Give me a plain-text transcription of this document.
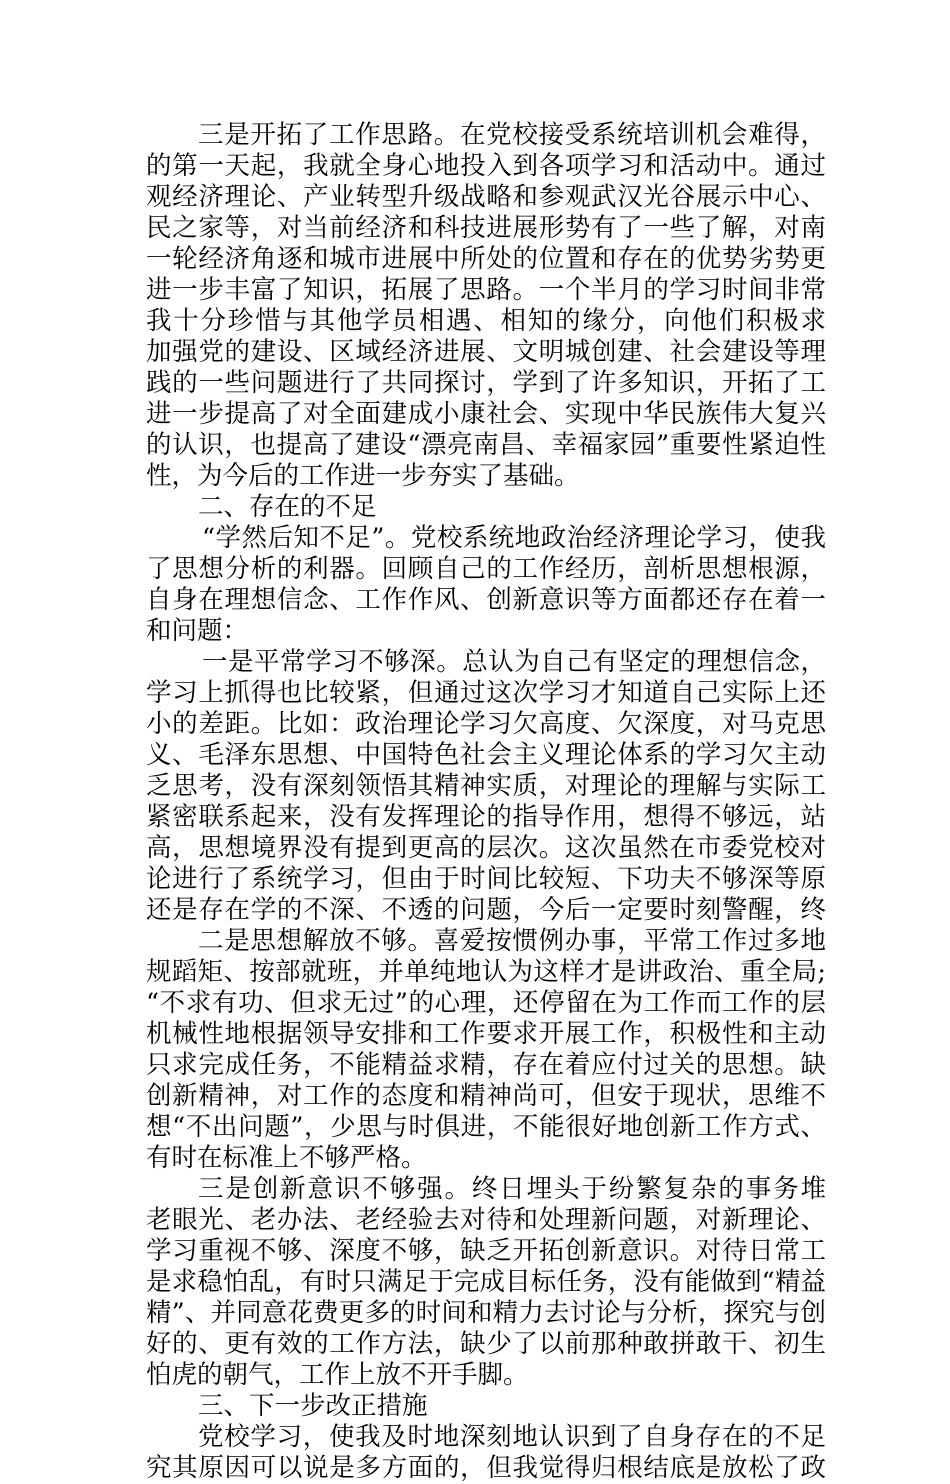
三是开拓了工作思路。在党校接受系统培训机会难得，
的第一天起，我就全身心地投入到各项学习和活动中。通过
观经济理论、产业转型升级战略和参观武汉光谷展示中心、
民之家等，对当前经济和科技进展形势有了一些了解，对南
一轮经济角逐和城市进展中所处的位置和存在的优势劣势更
进一步丰富了知识，拓展了思路。一个半月的学习时间非常
我十分珍惜与其他学员相遇、相知的缘分，向他们积极求
加强党的建设、区域经济进展、文明城创建、社会建设等理
践的一些问题进行了共同探讨，学到了许多知识，开拓了工
进一步提高了对全面建成小康社会、实现中华民族伟大复兴
的认识，也提高了建设“漂亮南昌、幸福家园”重要性紧迫性
性，为今后的工作进一步夯实了基础。
二、存在的不足
“学然后知不足”。党校系统地政治经济理论学习，使我
了思想分析的利器。回顾自己的工作经历，剖析思想根源，
自身在理想信念、工作作风、创新意识等方面都还存在着一
和问题：
一是平常学习不够深。总认为自己有坚定的理想信念，
学习上抓得也比较紧，但通过这次学习才知道自己实际上还
小的差距。比如：政治理论学习欠高度、欠深度，对马克思
义、毛泽东思想、中国特色社会主义理论体系的学习欠主动
乏思考，没有深刻领悟其精神实质，对理论的理解与实际工
紧密联系起来，没有发挥理论的指导作用，想得不够远，站
高，思想境界没有提到更高的层次。这次虽然在市委党校对
论进行了系统学习，但由于时间比较短、下功夫不够深等原
还是存在学的不深、不透的问题，今后一定要时刻警醒，终
二是思想解放不够。喜爱按惯例办事，平常工作过多地
规蹈矩、按部就班，并单纯地认为这样才是讲政治、重全局;
“不求有功、但求无过”的心理，还停留在为工作而工作的层
机械性地根据领导安排和工作要求开展工作，积极性和主动
只求完成任务，不能精益求精，存在着应付过关的思想。缺
创新精神，对工作的态度和精神尚可，但安于现状，思维不
想“不出问题”，少思与时俱进，不能很好地创新工作方式、
有时在标准上不够严格。
三是创新意识不够强。终日埋头于纷繁复杂的事务堆
老眼光、老办法、老经验去对待和处理新问题，对新理论、
学习重视不够、深度不够，缺乏开拓创新意识。对待日常工
是求稳怕乱，有时只满足于完成目标任务，没有能做到“精益
精”、并同意花费更多的时间和精力去讨论与分析，探究与创
好的、更有效的工作方法，缺少了以前那种敢拼敢干、初生
怕虎的朝气，工作上放不开手脚。
三、下一步改正措施
党校学习，使我及时地深刻地认识到了自身存在的不足
究其原因可以说是多方面的，但我觉得归根结底是放松了政
